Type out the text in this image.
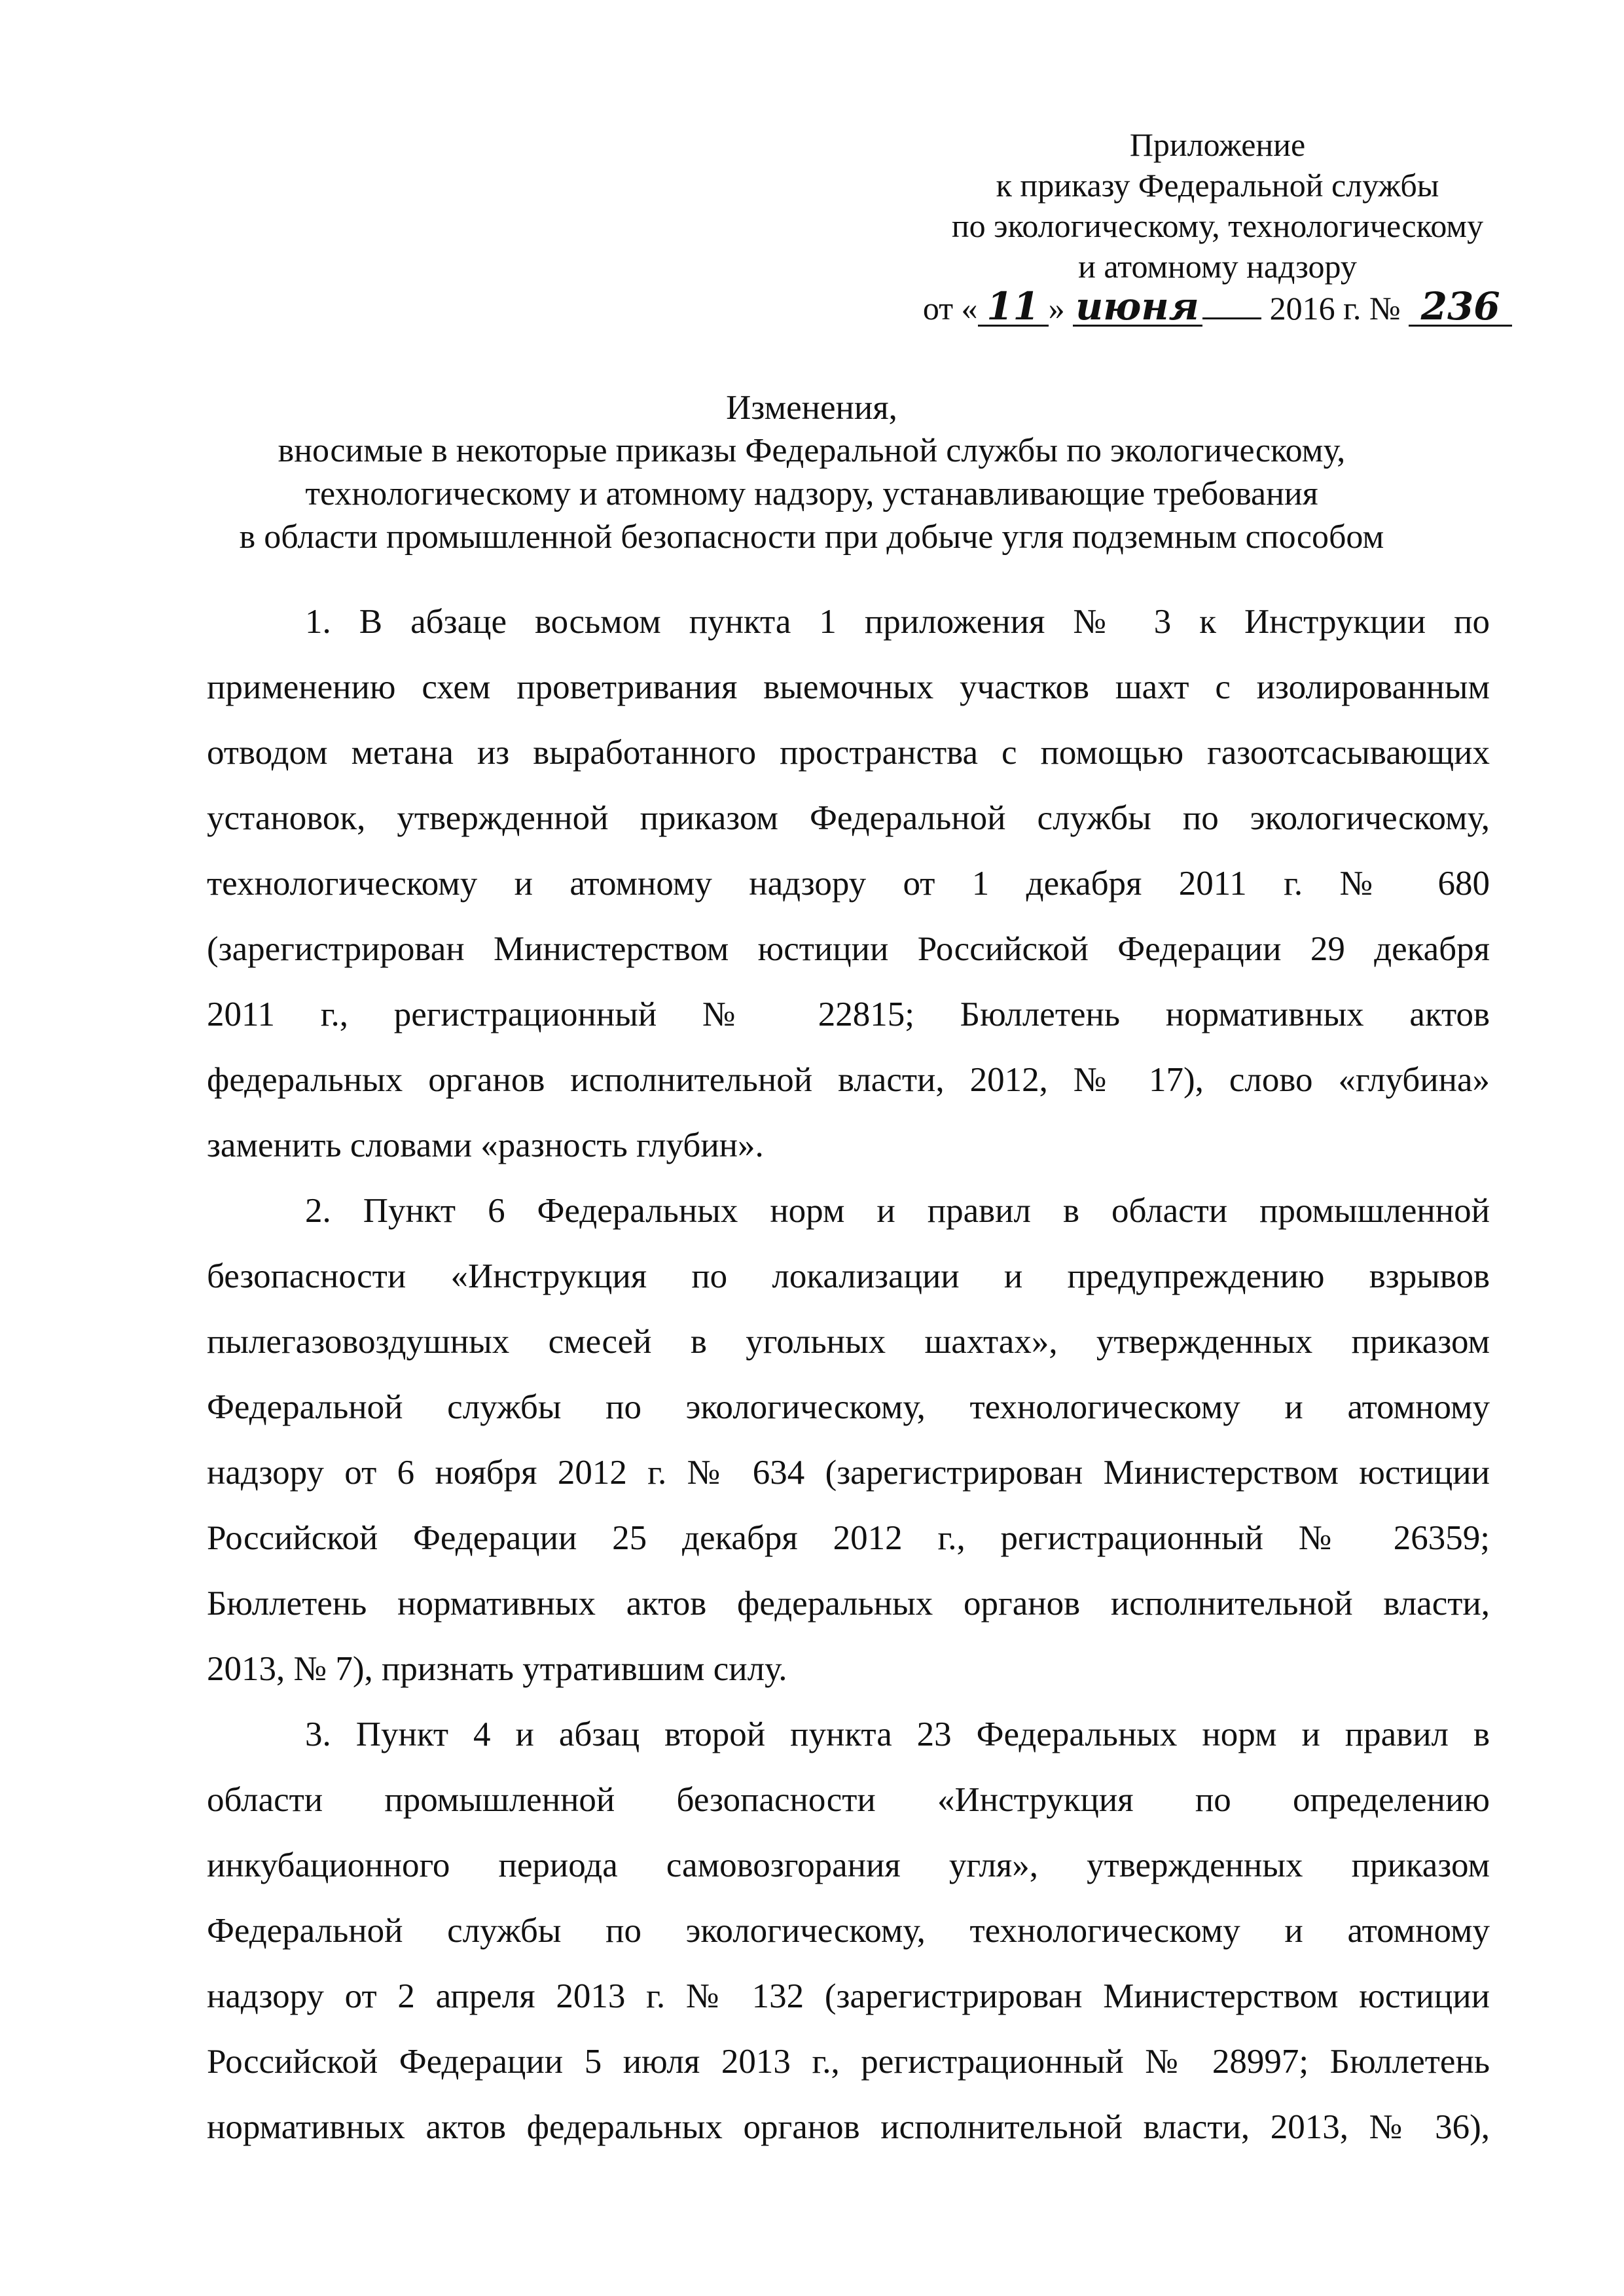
Приложение
к приказу Федеральной службы
по экологическому, технологическому
и атомному надзору
от « 11 » июня 2016 г. № 236
Изменения,
вносимые в некоторые приказы Федеральной службы по экологическому,
технологическому и атомному надзору, устанавливающие требования
в области промышленной безопасности при добыче угля подземным способом
1. В абзаце восьмом пункта 1 приложения № 3 к Инструкции по
применению схем проветривания выемочных участков шахт с изолированным
отводом метана из выработанного пространства с помощью газоотсасывающих
установок, утвержденной приказом Федеральной службы по экологическому,
технологическому и атомному надзору от 1 декабря 2011 г. № 680
(зарегистрирован Министерством юстиции Российской Федерации 29 декабря
2011 г., регистрационный № 22815; Бюллетень нормативных актов
федеральных органов исполнительной власти, 2012, № 17), слово «глубина»
заменить словами «разность глубин».
2. Пункт 6 Федеральных норм и правил в области промышленной
безопасности «Инструкция по локализации и предупреждению взрывов
пылегазовоздушных смесей в угольных шахтах», утвержденных приказом
Федеральной службы по экологическому, технологическому и атомному
надзору от 6 ноября 2012 г. № 634 (зарегистрирован Министерством юстиции
Российской Федерации 25 декабря 2012 г., регистрационный № 26359;
Бюллетень нормативных актов федеральных органов исполнительной власти,
2013, № 7), признать утратившим силу.
3. Пункт 4 и абзац второй пункта 23 Федеральных норм и правил в
области промышленной безопасности «Инструкция по определению
инкубационного периода самовозгорания угля», утвержденных приказом
Федеральной службы по экологическому, технологическому и атомному
надзору от 2 апреля 2013 г. № 132 (зарегистрирован Министерством юстиции
Российской Федерации 5 июля 2013 г., регистрационный № 28997; Бюллетень
нормативных актов федеральных органов исполнительной власти, 2013, № 36),
